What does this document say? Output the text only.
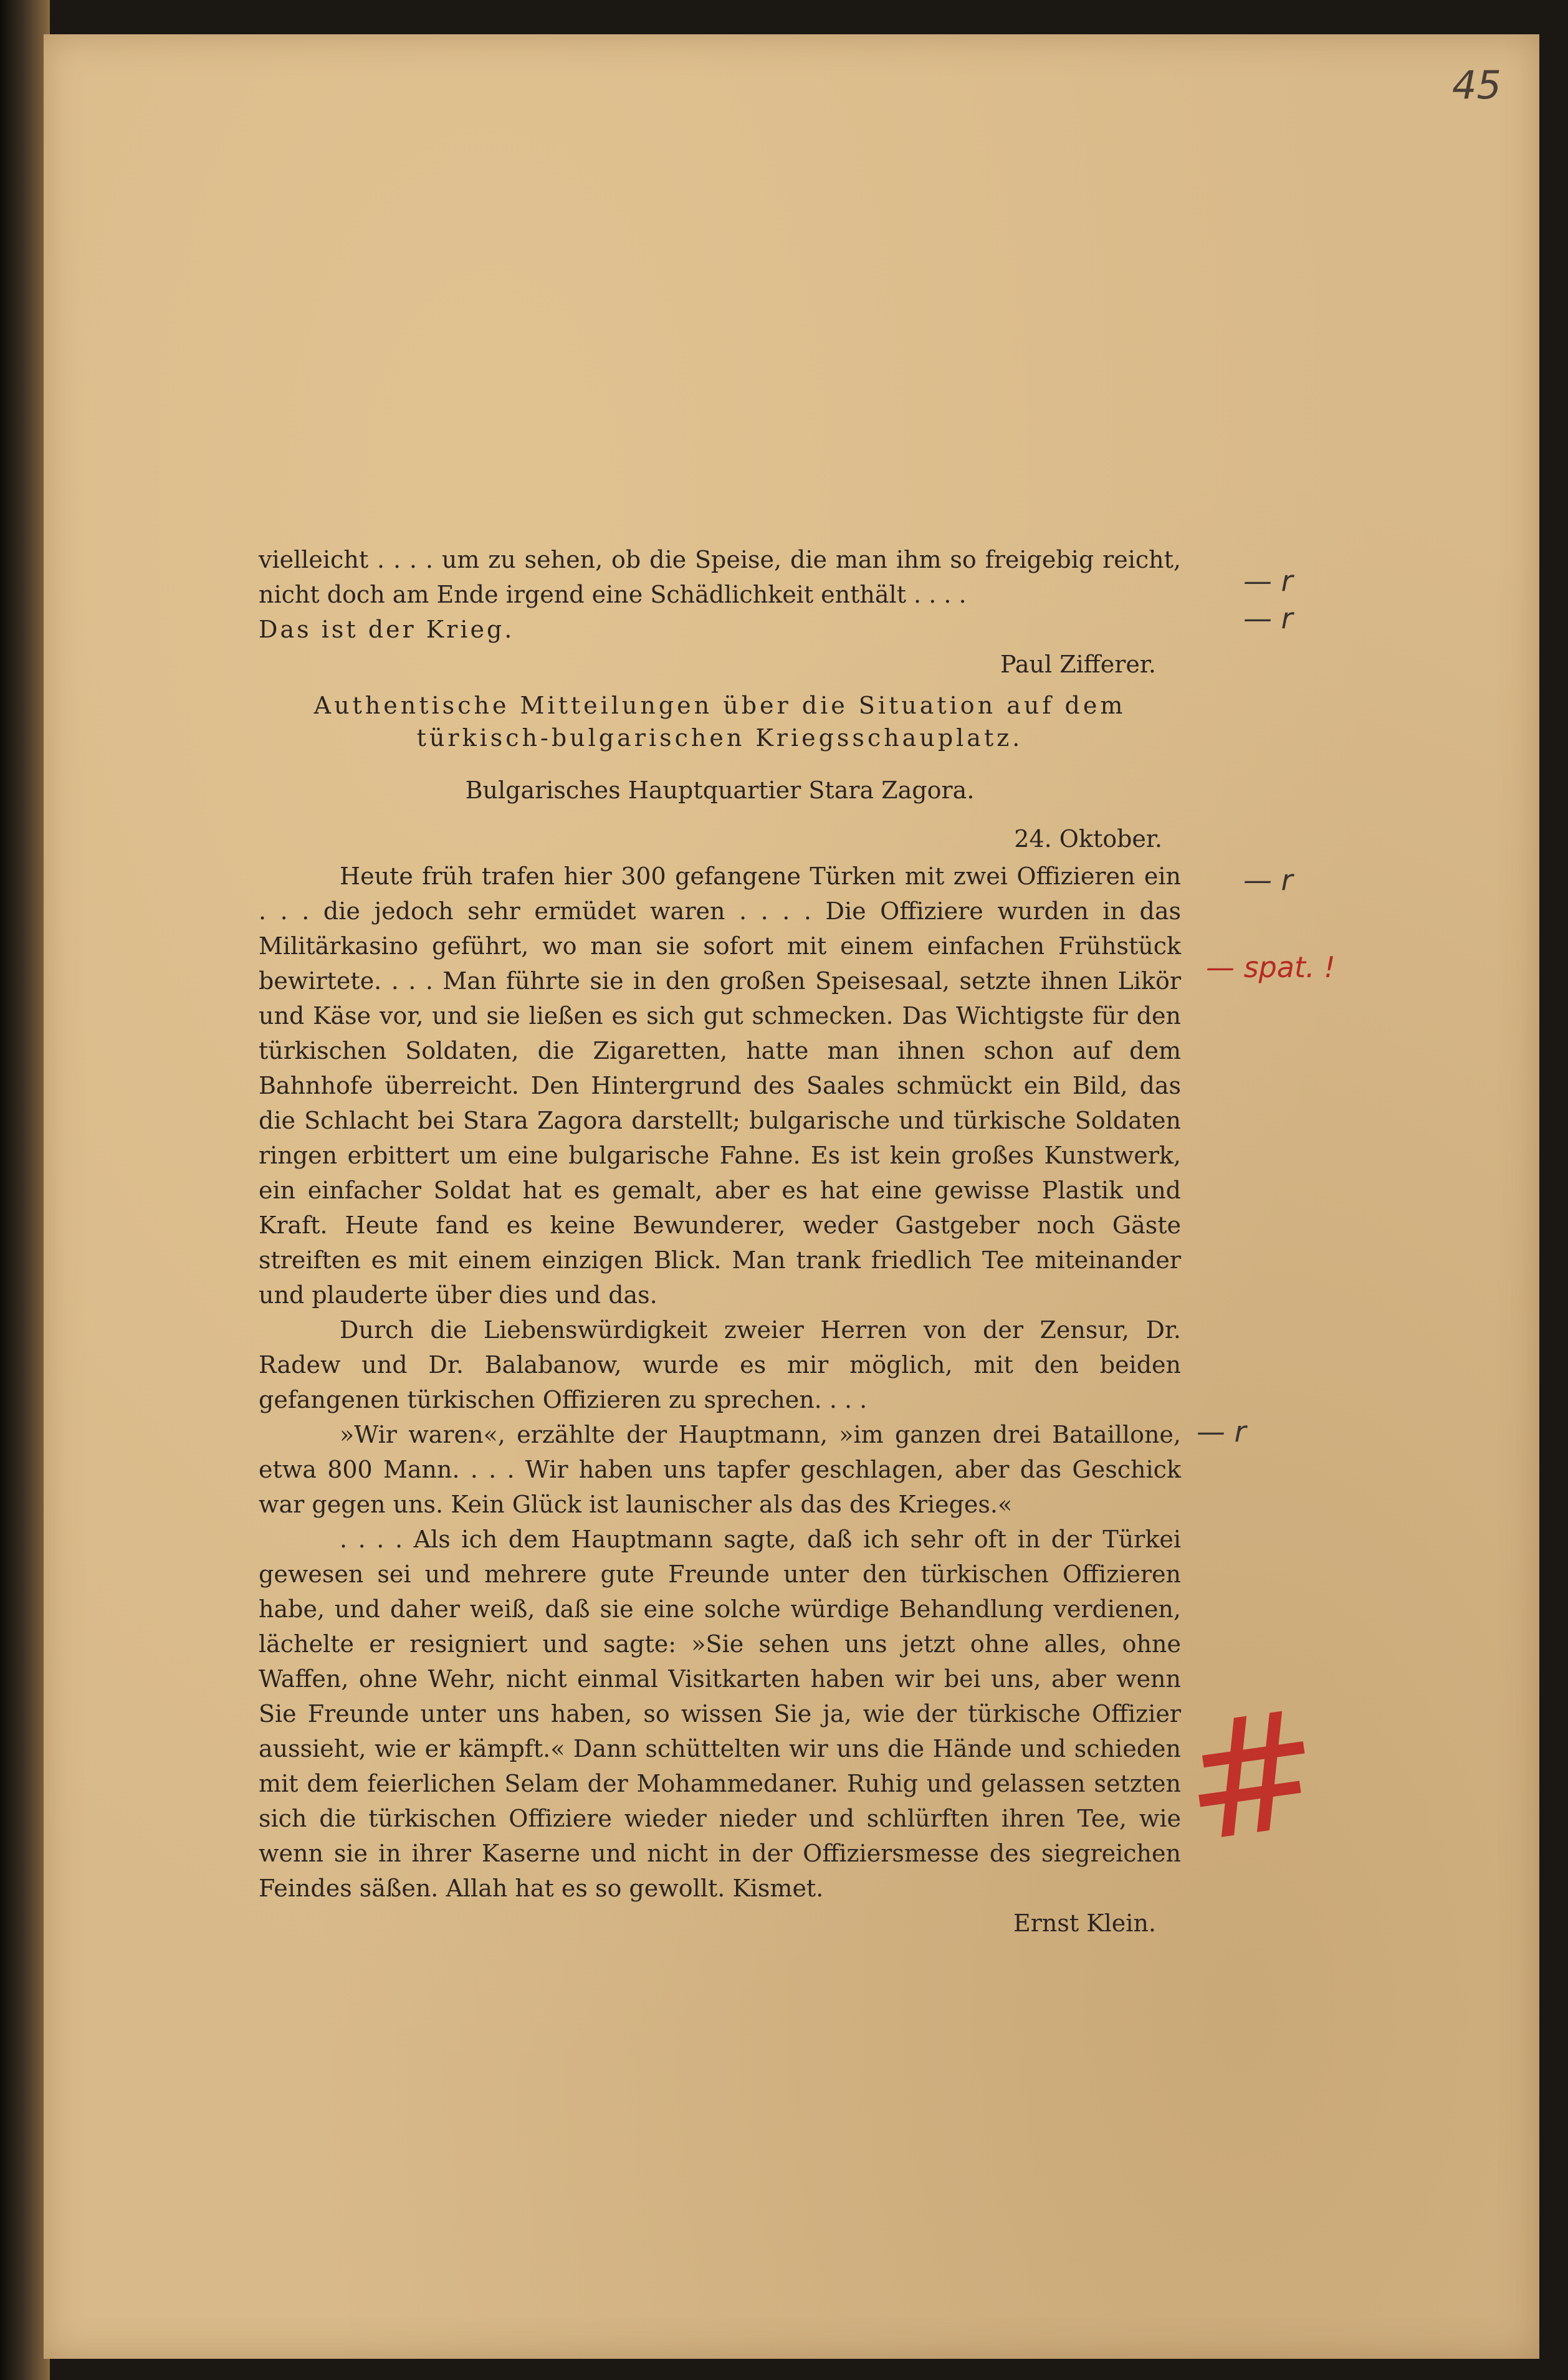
45

vielleicht . . . . um zu sehen, ob die Speise, die man ihm so freigebig reicht, nicht doch am Ende irgend eine Schädlichkeit enthält . . . .

Das ist der Krieg.

Paul Zifferer.

Authentische Mitteilungen über die Situation auf dem türkisch-bulgarischen Kriegsschauplatz.

Bulgarisches Hauptquartier Stara Zagora.

24. Oktober.

Heute früh trafen hier 300 gefangene Türken mit zwei Offizieren ein . . . die jedoch sehr ermüdet waren . . . . Die Offiziere wurden in das Militärkasino geführt, wo man sie sofort mit einem einfachen Frühstück bewirtete. . . . Man führte sie in den großen Speisesaal, setzte ihnen Likör und Käse vor, und sie ließen es sich gut schmecken. Das Wichtigste für den türkischen Soldaten, die Zigaretten, hatte man ihnen schon auf dem Bahnhofe überreicht. Den Hintergrund des Saales schmückt ein Bild, das die Schlacht bei Stara Zagora darstellt; bulgarische und türkische Soldaten ringen erbittert um eine bulgarische Fahne. Es ist kein großes Kunstwerk, ein einfacher Soldat hat es gemalt, aber es hat eine gewisse Plastik und Kraft. Heute fand es keine Bewunderer, weder Gastgeber noch Gäste streiften es mit einem einzigen Blick. Man trank friedlich Tee miteinander und plauderte über dies und das.

Durch die Liebenswürdigkeit zweier Herren von der Zensur, Dr. Radew und Dr. Balabanow, wurde es mir möglich, mit den beiden gefangenen türkischen Offizieren zu sprechen. . . .

»Wir waren«, erzählte der Hauptmann, »im ganzen drei Bataillone, etwa 800 Mann. . . . Wir haben uns tapfer geschlagen, aber das Geschick war gegen uns. Kein Glück ist launischer als das des Krieges.«

. . . . Als ich dem Hauptmann sagte, daß ich sehr oft in der Türkei gewesen sei und mehrere gute Freunde unter den türkischen Offizieren habe, und daher weiß, daß sie eine solche würdige Behandlung verdienen, lächelte er resigniert und sagte: »Sie sehen uns jetzt ohne alles, ohne Waffen, ohne Wehr, nicht einmal Visitkarten haben wir bei uns, aber wenn Sie Freunde unter uns haben, so wissen Sie ja, wie der türkische Offizier aussieht, wie er kämpft.« Dann schüttelten wir uns die Hände und schieden mit dem feierlichen Selam der Mohammedaner. Ruhig und gelassen setzten sich die türkischen Offiziere wieder nieder und schlürften ihren Tee, wie wenn sie in ihrer Kaserne und nicht in der Offiziersmesse des siegreichen Feindes säßen. Allah hat es so gewollt. Kismet.

Ernst Klein.

— r
— r
— r
— spat. !
— r
#
